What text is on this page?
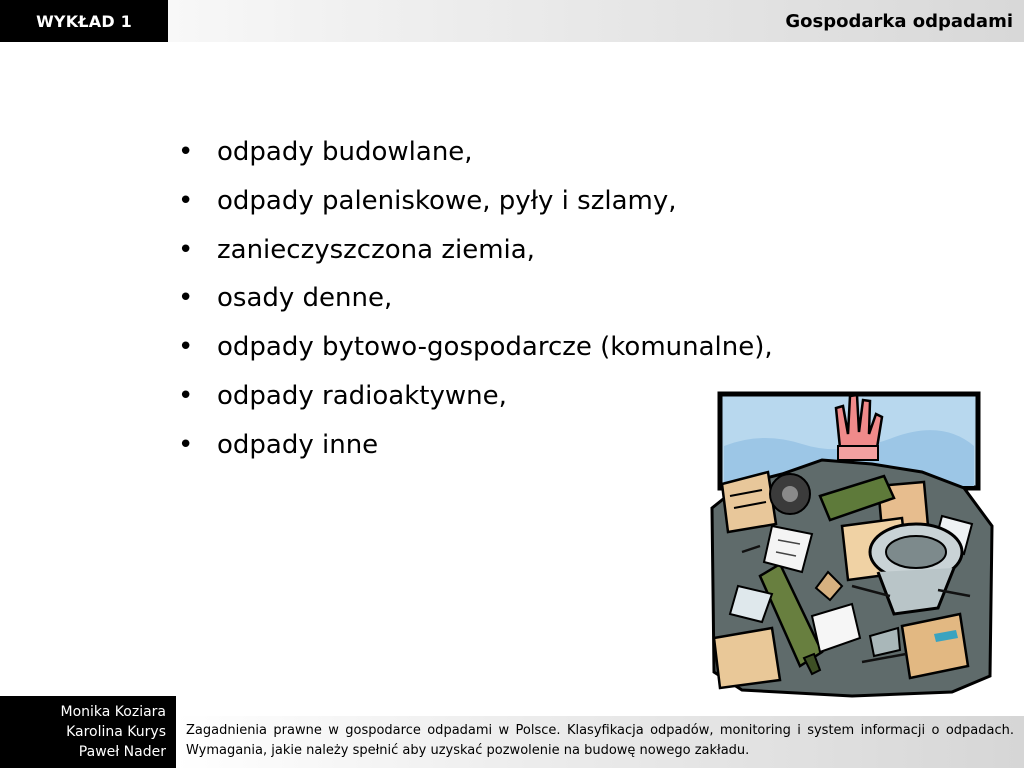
WYKŁAD 1	Gospodarka odpadami
•
odpady budowlane,
•
odpady paleniskowe, pyły i szlamy,
•
zanieczyszczona ziemia,
•
osady denne,
•
odpady bytowo-gospodarcze (komunalne),
•
odpady radioaktywne,
•
odpady inne
Monika Koziara
Karolina Kurys
Paweł Nader
Zagadnienia prawne w gospodarce odpadami w Polsce. Klasyfikacja odpadów, monitoring i system informacji o odpadach. Wymagania, jakie należy spełnić aby uzyskać pozwolenie na budowę nowego zakładu.
